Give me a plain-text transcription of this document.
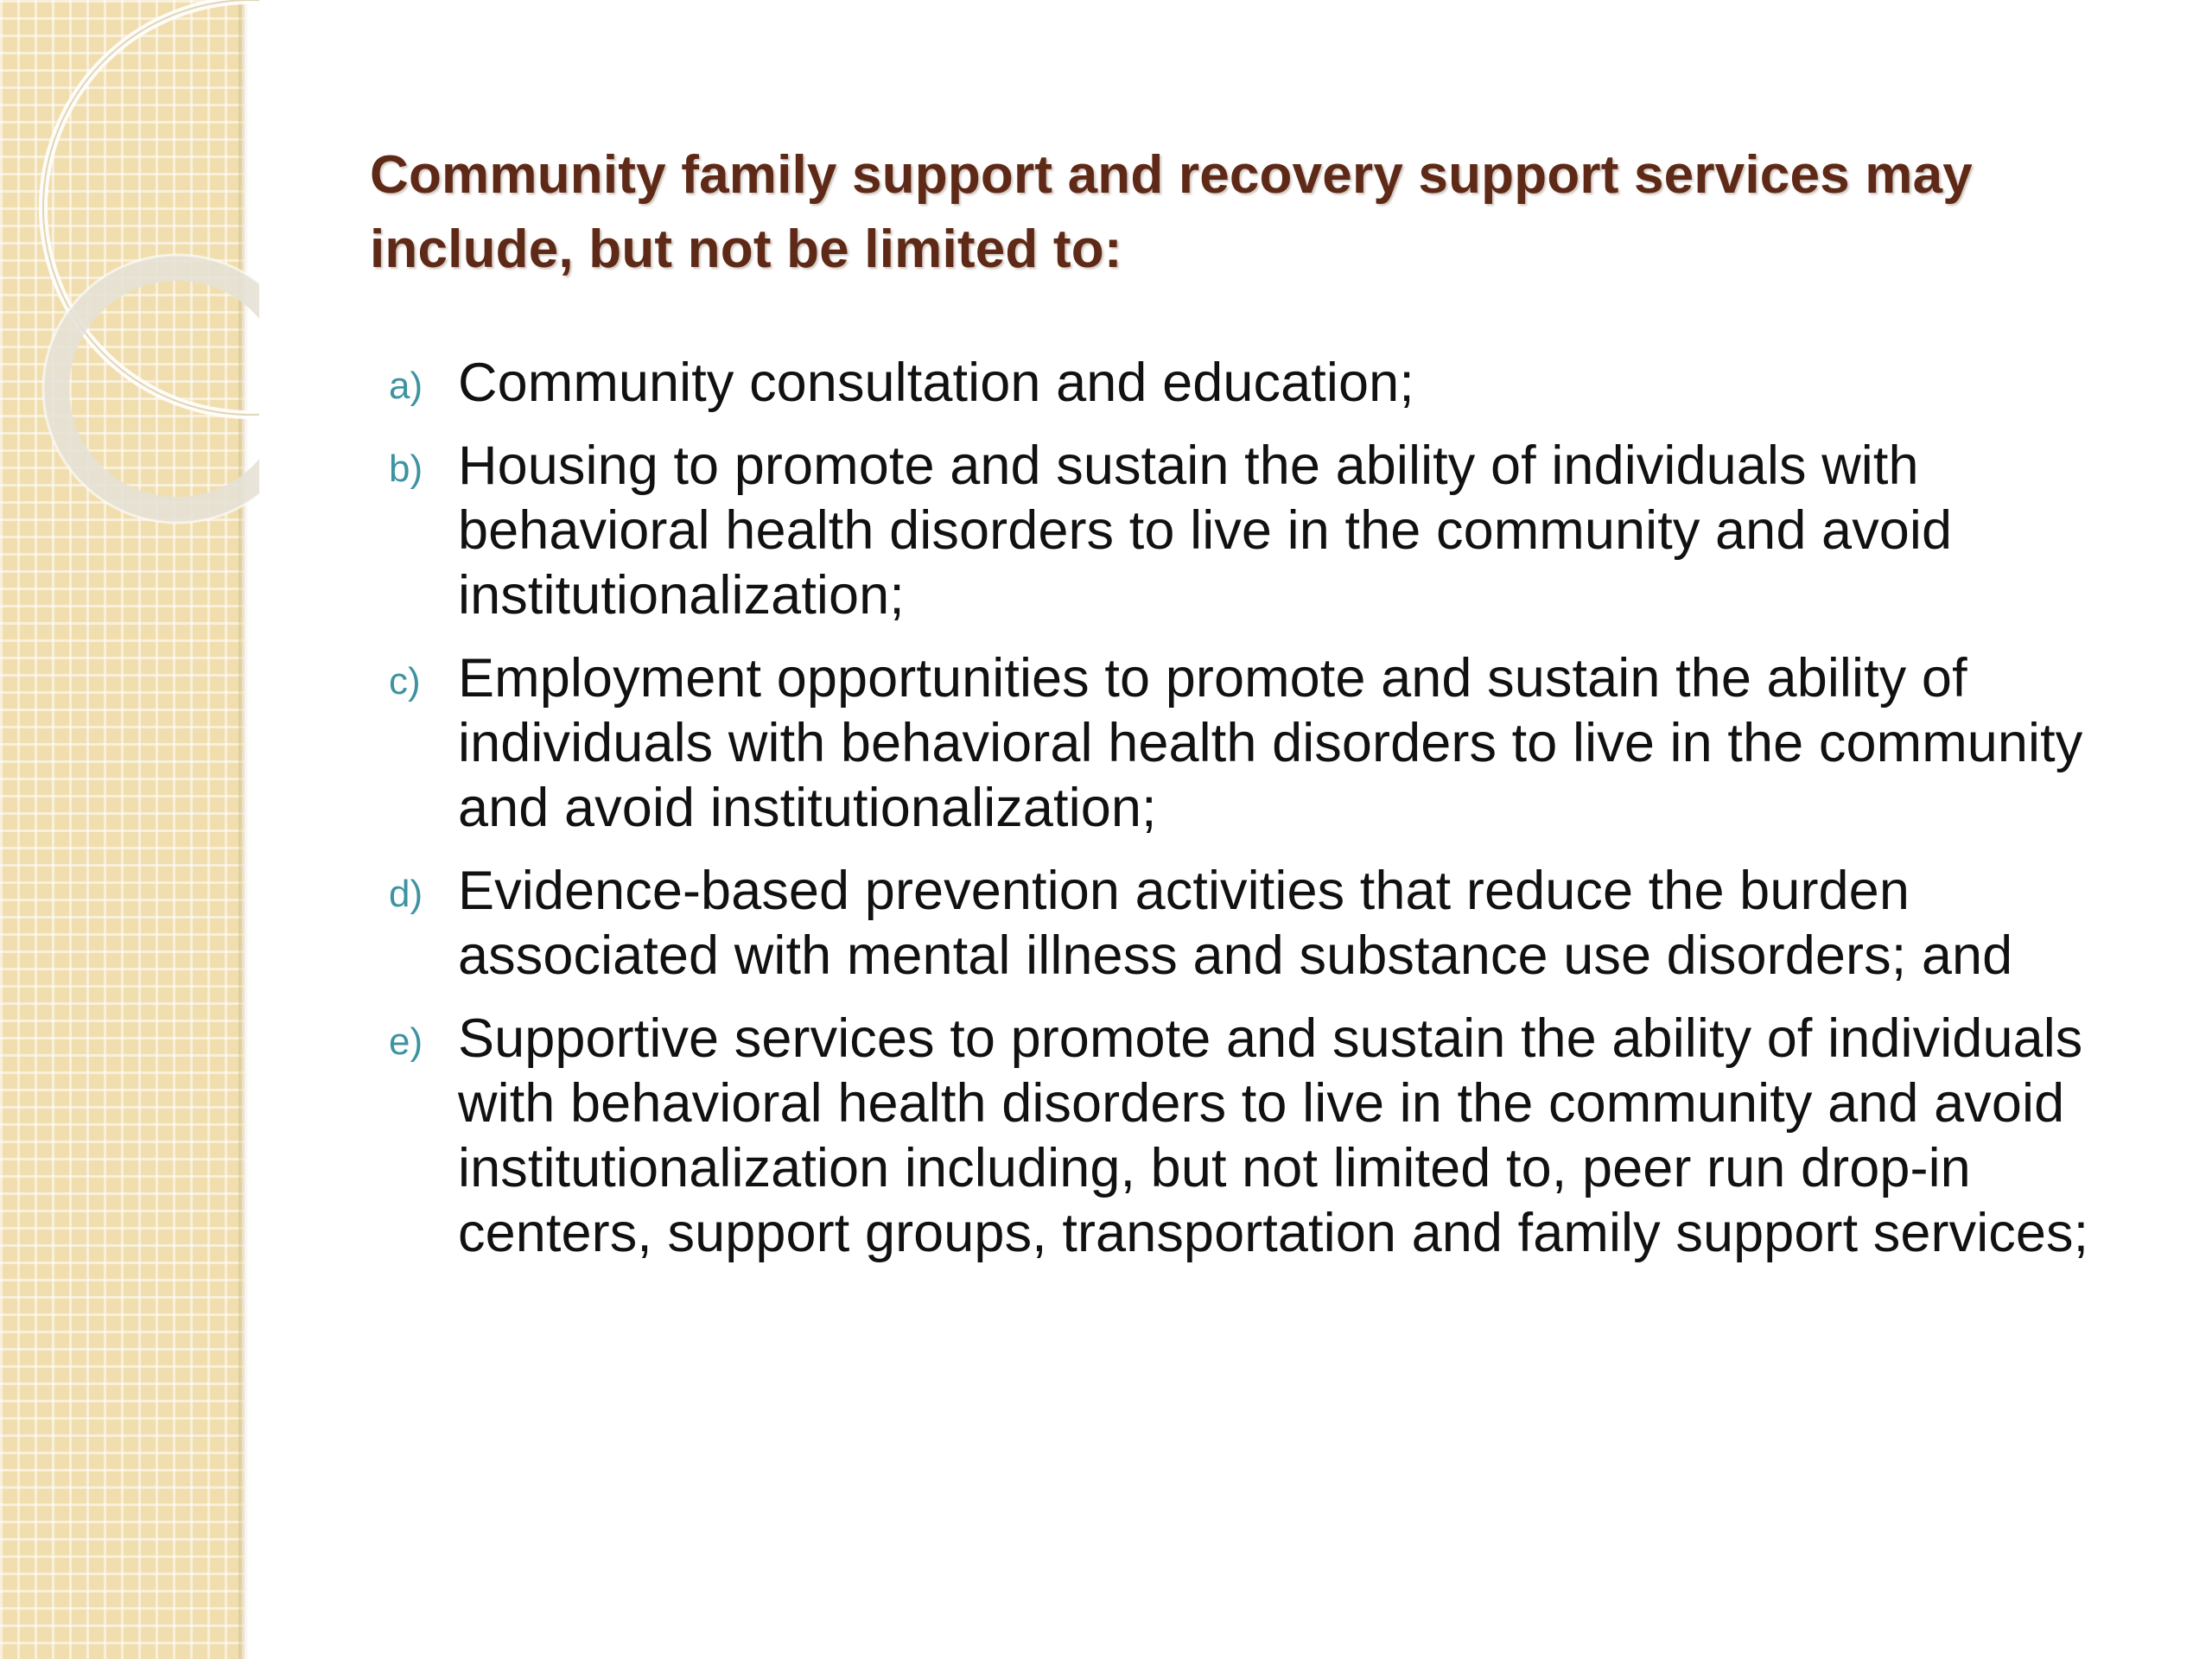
Community family support and recovery support services may include, but not be limited to:
a) Community consultation and education;
b) Housing to promote and sustain the ability of individuals with behavioral health disorders to live in the community and avoid institutionalization;
c) Employment opportunities to promote and sustain the ability of individuals with behavioral health disorders to live in the community and avoid institutionalization;
d) Evidence-based prevention activities that reduce the burden associated with mental illness and substance use disorders; and
e) Supportive services to promote and sustain the ability of individuals with behavioral health disorders to live in the community and avoid institutionalization including, but not limited to, peer run drop-in centers, support groups, transportation and family support services;
